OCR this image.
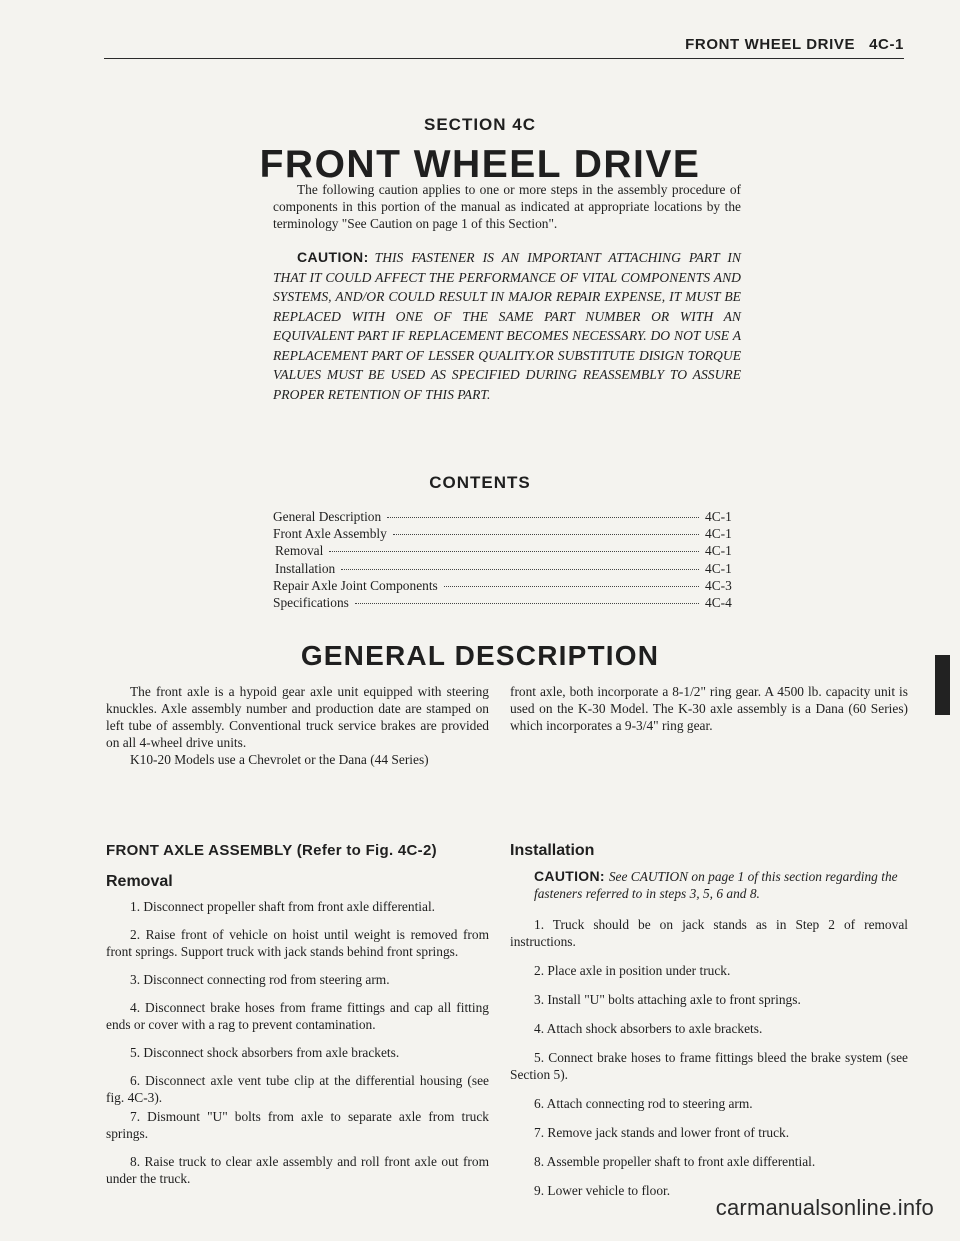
FRONT WHEEL DRIVE 4C-1
SECTION 4C
FRONT WHEEL DRIVE

The following caution applies to one or more steps in the assembly procedure of components in this portion of the manual as indicated at appropriate locations by the terminology "See Caution on page 1 of this Section".

CAUTION: THIS FASTENER IS AN IMPORTANT ATTACHING PART IN THAT IT COULD AFFECT THE PERFORMANCE OF VITAL COMPONENTS AND SYSTEMS, AND/OR COULD RESULT IN MAJOR REPAIR EXPENSE, IT MUST BE REPLACED WITH ONE OF THE SAME PART NUMBER OR WITH AN EQUIVALENT PART IF REPLACEMENT BECOMES NECESSARY. DO NOT USE A REPLACEMENT PART OF LESSER QUALITY.OR SUBSTITUTE DISIGN TORQUE VALUES MUST BE USED AS SPECIFIED DURING REASSEMBLY TO ASSURE PROPER RETENTION OF THIS PART.
CONTENTS
General Description	4C-1
Front Axle Assembly	4C-1
Removal	4C-1
Installation	4C-1
Repair Axle Joint Components	4C-3
Specifications	4C-4
GENERAL DESCRIPTION

The front axle is a hypoid gear axle unit equipped with steering knuckles. Axle assembly number and production date are stamped on left tube of assembly. Conventional truck service brakes are provided on all 4-wheel drive units.

K10-20 Models use a Chevrolet or the Dana (44 Series)

front axle, both incorporate a 8-1/2" ring gear. A 4500 lb. capacity unit is used on the K-30 Model. The K-30 axle assembly is a Dana (60 Series) which incorporates a 9-3/4" ring gear.

FRONT AXLE ASSEMBLY (Refer to Fig. 4C-2)
Removal

1. Disconnect propeller shaft from front axle differential.

2. Raise front of vehicle on hoist until weight is removed from front springs. Support truck with jack stands behind front springs.

3. Disconnect connecting rod from steering arm.

4. Disconnect brake hoses from frame fittings and cap all fitting ends or cover with a rag to prevent contamination.

5. Disconnect shock absorbers from axle brackets.

6. Disconnect axle vent tube clip at the differential housing (see fig. 4C-3).

7. Dismount "U" bolts from axle to separate axle from truck springs.

8. Raise truck to clear axle assembly and roll front axle out from under the truck.

Installation
CAUTION: See CAUTION on page 1 of this section regarding the fasteners referred to in steps 3, 5, 6 and 8.

1. Truck should be on jack stands as in Step 2 of removal instructions.

2. Place axle in position under truck.

3. Install "U" bolts attaching axle to front springs.

4. Attach shock absorbers to axle brackets.

5. Connect brake hoses to frame fittings bleed the brake system (see Section 5).

6. Attach connecting rod to steering arm.

7. Remove jack stands and lower front of truck.

8. Assemble propeller shaft to front axle differential.

9. Lower vehicle to floor.

carmanualsonline.info
